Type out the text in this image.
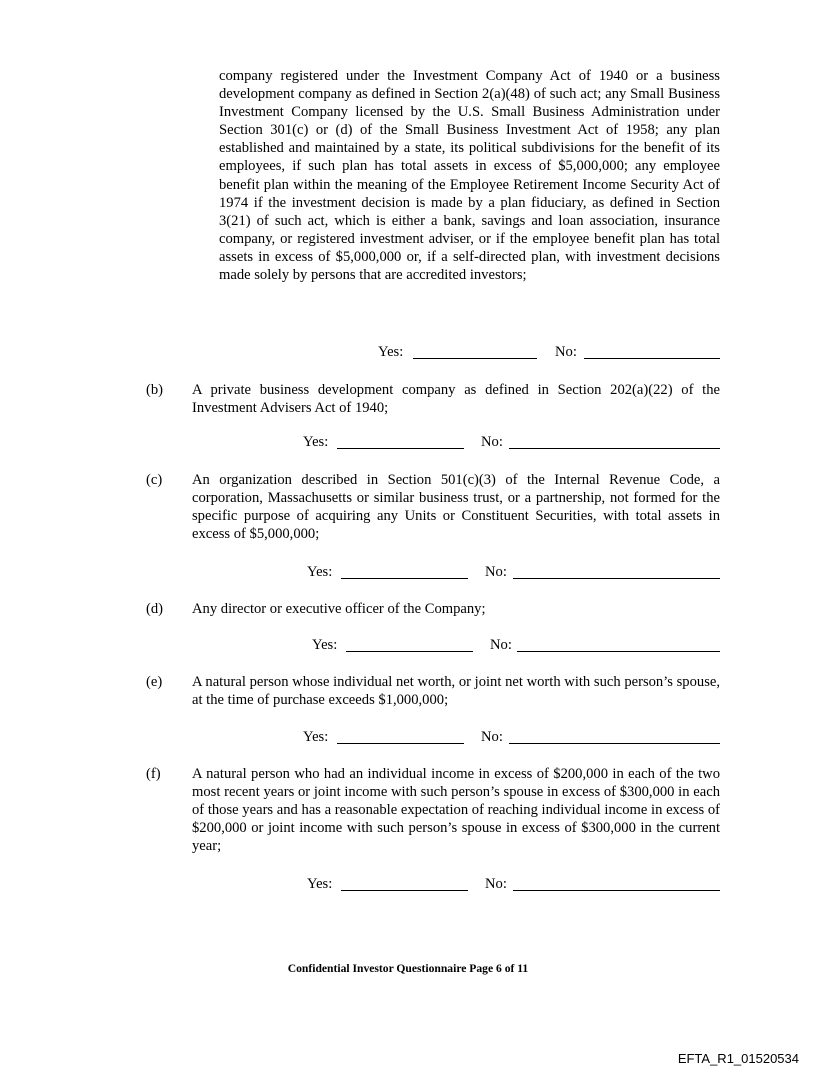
company registered under the Investment Company Act of 1940 or a business development company as defined in Section 2(a)(48) of such act; any Small Business Investment Company licensed by the U.S. Small Business Administration under Section 301(c) or (d) of the Small Business Investment Act of 1958; any plan established and maintained by a state, its political subdivisions for the benefit of its employees, if such plan has total assets in excess of $5,000,000; any employee benefit plan within the meaning of the Employee Retirement Income Security Act of 1974 if the investment decision is made by a plan fiduciary, as defined in Section 3(21) of such act, which is either a bank, savings and loan association, insurance company, or registered investment adviser, or if the employee benefit plan has total assets in excess of $5,000,000 or, if a self-directed plan, with investment decisions made solely by persons that are accredited investors;
Yes:	No:
(b) A private business development company as defined in Section 202(a)(22) of the Investment Advisers Act of 1940;
Yes:	No:
(c) An organization described in Section 501(c)(3) of the Internal Revenue Code, a corporation, Massachusetts or similar business trust, or a partnership, not formed for the specific purpose of acquiring any Units or Constituent Securities, with total assets in excess of $5,000,000;
Yes:	No:
(d) Any director or executive officer of the Company;
Yes:	No:
(e) A natural person whose individual net worth, or joint net worth with such person’s spouse, at the time of purchase exceeds $1,000,000;
Yes:	No:
(f) A natural person who had an individual income in excess of $200,000 in each of the two most recent years or joint income with such person’s spouse in excess of $300,000 in each of those years and has a reasonable expectation of reaching individual income in excess of $200,000 or joint income with such person’s spouse in excess of $300,000 in the current year;
Yes:	No:
Confidential Investor Questionnaire Page 6 of 11
EFTA_R1_01520534
